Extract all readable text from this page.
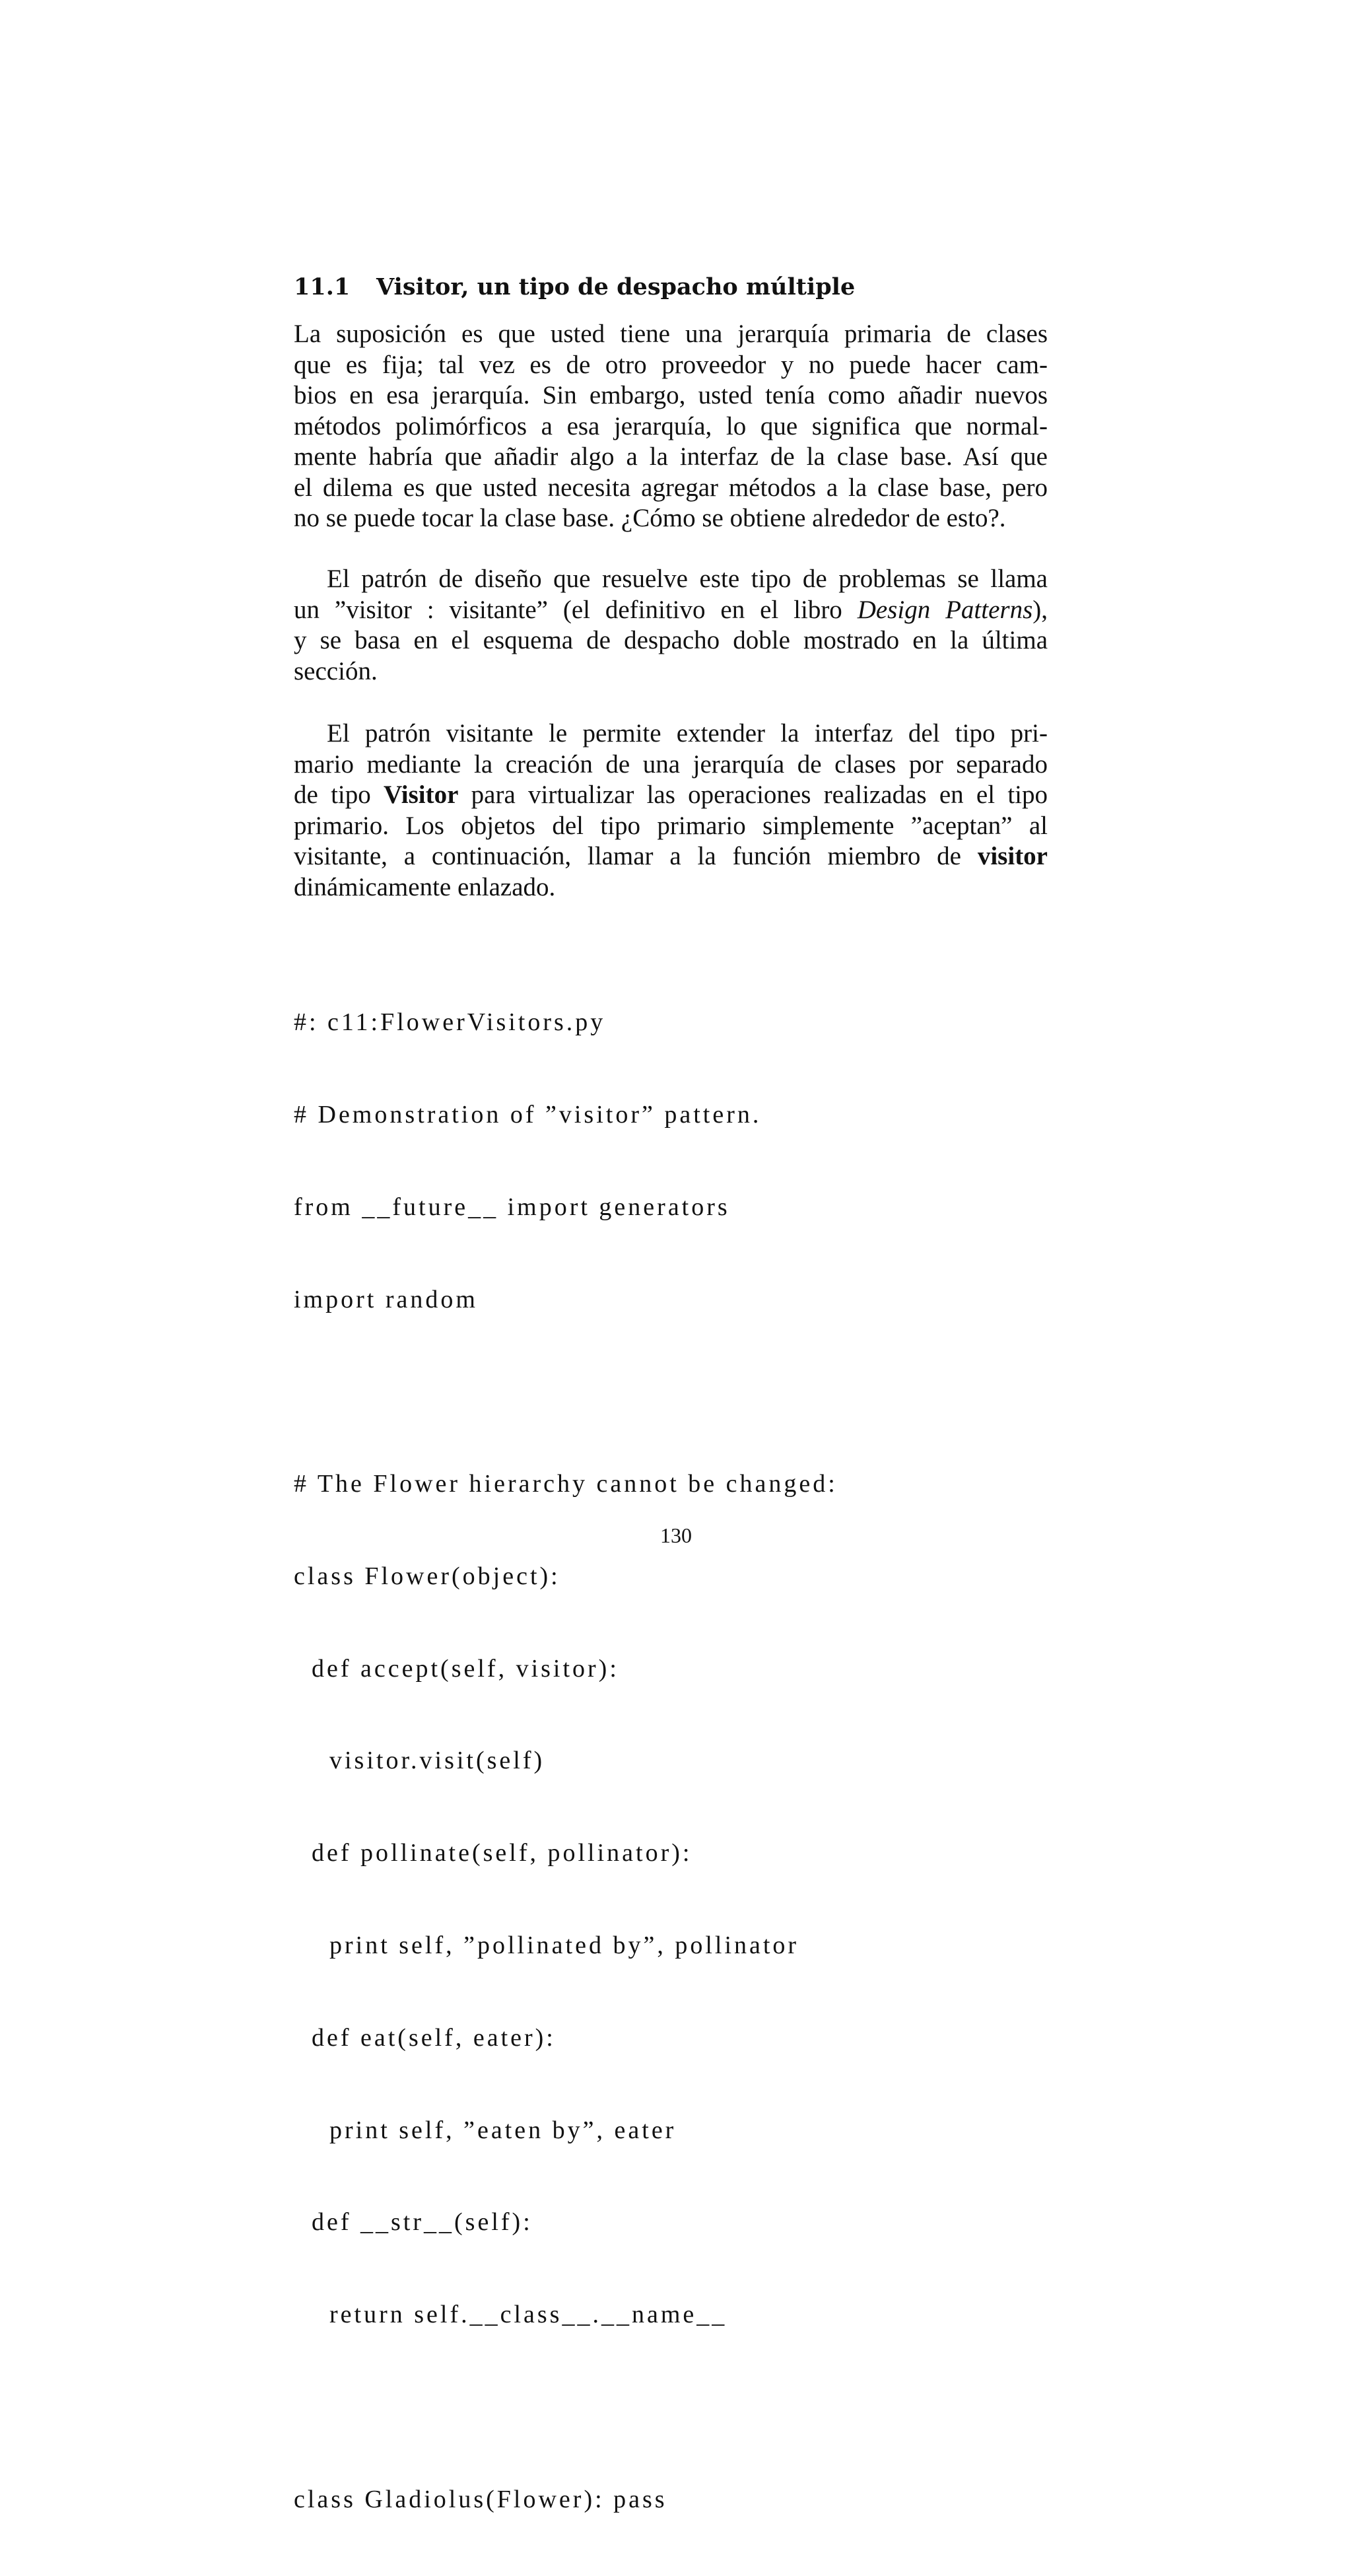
11.1 Visitor, un tipo de despacho múltiple
La suposición es que usted tiene una jerarquía primaria de clases
que es fija; tal vez es de otro proveedor y no puede hacer cam-
bios en esa jerarquía. Sin embargo, usted tenía como añadir nuevos
métodos polimórficos a esa jerarquía, lo que significa que normal-
mente habría que añadir algo a la interfaz de la clase base. Así que
el dilema es que usted necesita agregar métodos a la clase base, pero
no se puede tocar la clase base. ¿Cómo se obtiene alrededor de esto?.
El patrón de diseño que resuelve este tipo de problemas se llama
un ”visitor : visitante” (el definitivo en el libro Design Patterns),
y se basa en el esquema de despacho doble mostrado en la última
sección.
El patrón visitante le permite extender la interfaz del tipo pri-
mario mediante la creación de una jerarquía de clases por separado
de tipo Visitor para virtualizar las operaciones realizadas en el tipo
primario. Los objetos del tipo primario simplemente ”aceptan” al
visitante, a continuación, llamar a la función miembro de visitor
dinámicamente enlazado.

#: c11:FlowerVisitors.py

# Demonstration of ”visitor” pattern.

from __future__ import generators

import random

# The Flower hierarchy cannot be changed:

class Flower(object):

def accept(self, visitor):

visitor.visit(self)

def pollinate(self, pollinator):

print self, ”pollinated by”, pollinator

def eat(self, eater):

print self, ”eaten by”, eater

def __str__(self):

return self.__class__.__name__

class Gladiolus(Flower): pass

130
